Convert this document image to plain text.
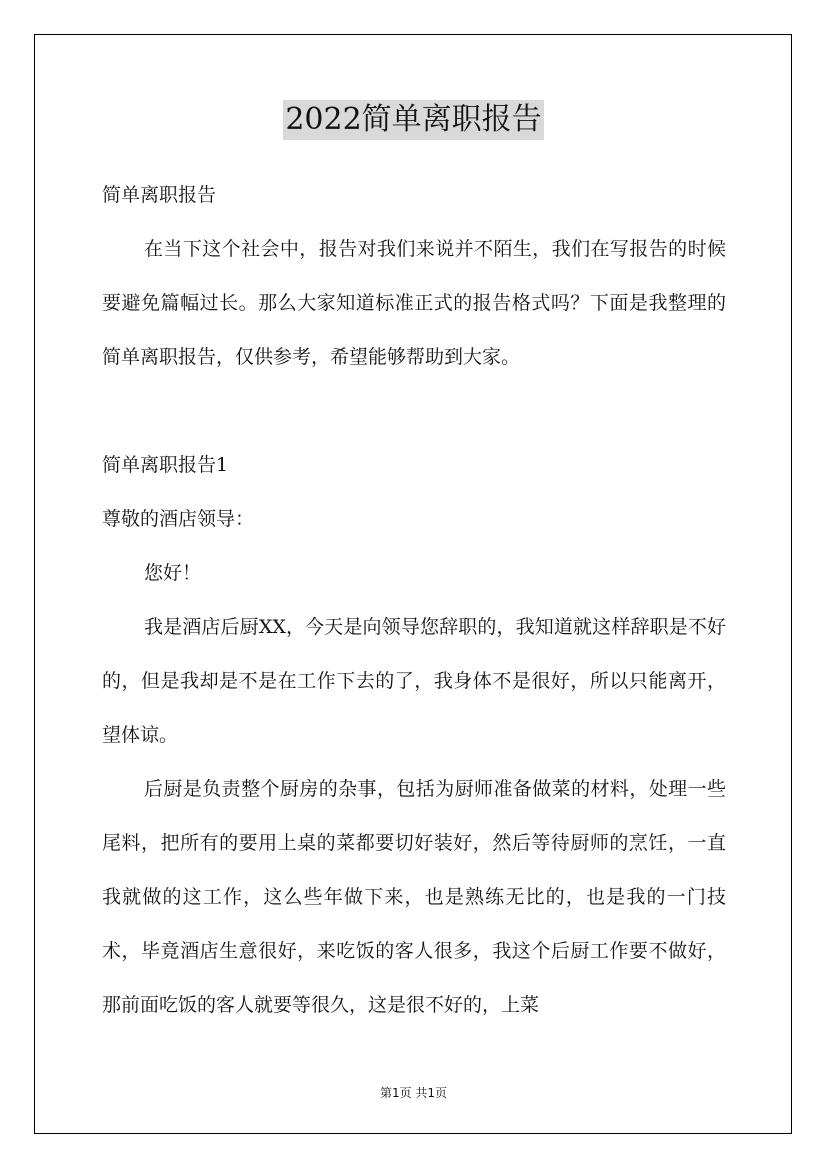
2022简单离职报告
简单离职报告
在当下这个社会中，报告对我们来说并不陌生，我们在写报告的时候要避免篇幅过长。那么大家知道标准正式的报告格式吗？下面是我整理的简单离职报告，仅供参考，希望能够帮助到大家。
简单离职报告1
尊敬的酒店领导：
您好！
我是酒店后厨XX，今天是向领导您辞职的，我知道就这样辞职是不好的，但是我却是不是在工作下去的了，我身体不是很好，所以只能离开，望体谅。
后厨是负责整个厨房的杂事，包括为厨师准备做菜的材料，处理一些尾料，把所有的要用上桌的菜都要切好装好，然后等待厨师的烹饪，一直我就做的这工作，这么些年做下来，也是熟练无比的，也是我的一门技术，毕竟酒店生意很好，来吃饭的客人很多，我这个后厨工作要不做好，那前面吃饭的客人就要等很久，这是很不好的，上菜
第1页 共1页
